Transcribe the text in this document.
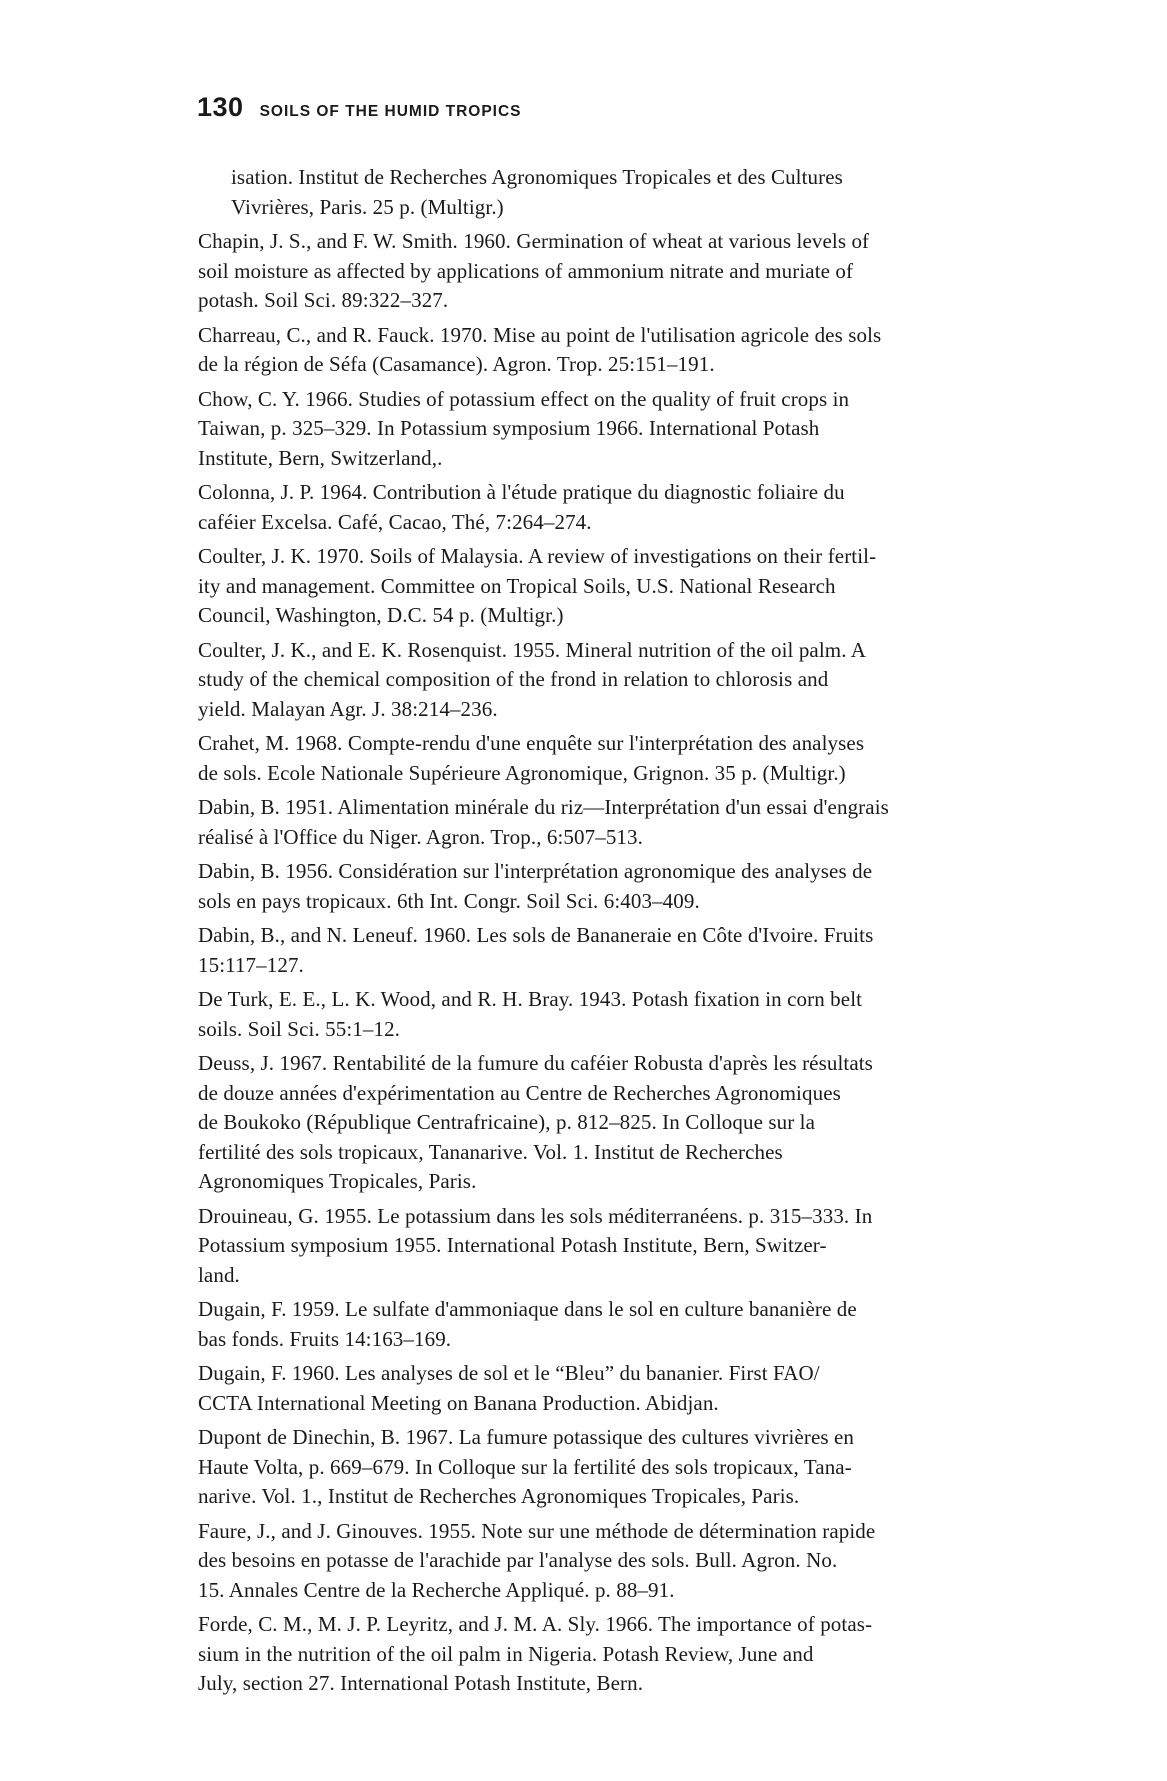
130 SOILS OF THE HUMID TROPICS
isation. Institut de Recherches Agronomiques Tropicales et des Cultures
Vivrières, Paris. 25 p. (Multigr.)
Chapin, J. S., and F. W. Smith. 1960. Germination of wheat at various levels of
soil moisture as affected by applications of ammonium nitrate and muriate of
potash. Soil Sci. 89:322–327.
Charreau, C., and R. Fauck. 1970. Mise au point de l'utilisation agricole des sols
de la région de Séfa (Casamance). Agron. Trop. 25:151–191.
Chow, C. Y. 1966. Studies of potassium effect on the quality of fruit crops in
Taiwan, p. 325–329. In Potassium symposium 1966. International Potash
Institute, Bern, Switzerland,.
Colonna, J. P. 1964. Contribution à l'étude pratique du diagnostic foliaire du
caféier Excelsa. Café, Cacao, Thé, 7:264–274.
Coulter, J. K. 1970. Soils of Malaysia. A review of investigations on their fertil-
ity and management. Committee on Tropical Soils, U.S. National Research
Council, Washington, D.C. 54 p. (Multigr.)
Coulter, J. K., and E. K. Rosenquist. 1955. Mineral nutrition of the oil palm. A
study of the chemical composition of the frond in relation to chlorosis and
yield. Malayan Agr. J. 38:214–236.
Crahet, M. 1968. Compte-rendu d'une enquête sur l'interprétation des analyses
de sols. Ecole Nationale Supérieure Agronomique, Grignon. 35 p. (Multigr.)
Dabin, B. 1951. Alimentation minérale du riz—Interprétation d'un essai d'engrais
réalisé à l'Office du Niger. Agron. Trop., 6:507–513.
Dabin, B. 1956. Considération sur l'interprétation agronomique des analyses de
sols en pays tropicaux. 6th Int. Congr. Soil Sci. 6:403–409.
Dabin, B., and N. Leneuf. 1960. Les sols de Bananeraie en Côte d'Ivoire. Fruits
15:117–127.
De Turk, E. E., L. K. Wood, and R. H. Bray. 1943. Potash fixation in corn belt
soils. Soil Sci. 55:1–12.
Deuss, J. 1967. Rentabilité de la fumure du caféier Robusta d'après les résultats
de douze années d'expérimentation au Centre de Recherches Agronomiques
de Boukoko (République Centrafricaine), p. 812–825. In Colloque sur la
fertilité des sols tropicaux, Tananarive. Vol. 1. Institut de Recherches
Agronomiques Tropicales, Paris.
Drouineau, G. 1955. Le potassium dans les sols méditerranéens. p. 315–333. In
Potassium symposium 1955. International Potash Institute, Bern, Switzer-
land.
Dugain, F. 1959. Le sulfate d'ammoniaque dans le sol en culture bananière de
bas fonds. Fruits 14:163–169.
Dugain, F. 1960. Les analyses de sol et le “Bleu” du bananier. First FAO/
CCTA International Meeting on Banana Production. Abidjan.
Dupont de Dinechin, B. 1967. La fumure potassique des cultures vivrières en
Haute Volta, p. 669–679. In Colloque sur la fertilité des sols tropicaux, Tana-
narive. Vol. 1., Institut de Recherches Agronomiques Tropicales, Paris.
Faure, J., and J. Ginouves. 1955. Note sur une méthode de détermination rapide
des besoins en potasse de l'arachide par l'analyse des sols. Bull. Agron. No.
15. Annales Centre de la Recherche Appliqué. p. 88–91.
Forde, C. M., M. J. P. Leyritz, and J. M. A. Sly. 1966. The importance of potas-
sium in the nutrition of the oil palm in Nigeria. Potash Review, June and
July, section 27. International Potash Institute, Bern.
